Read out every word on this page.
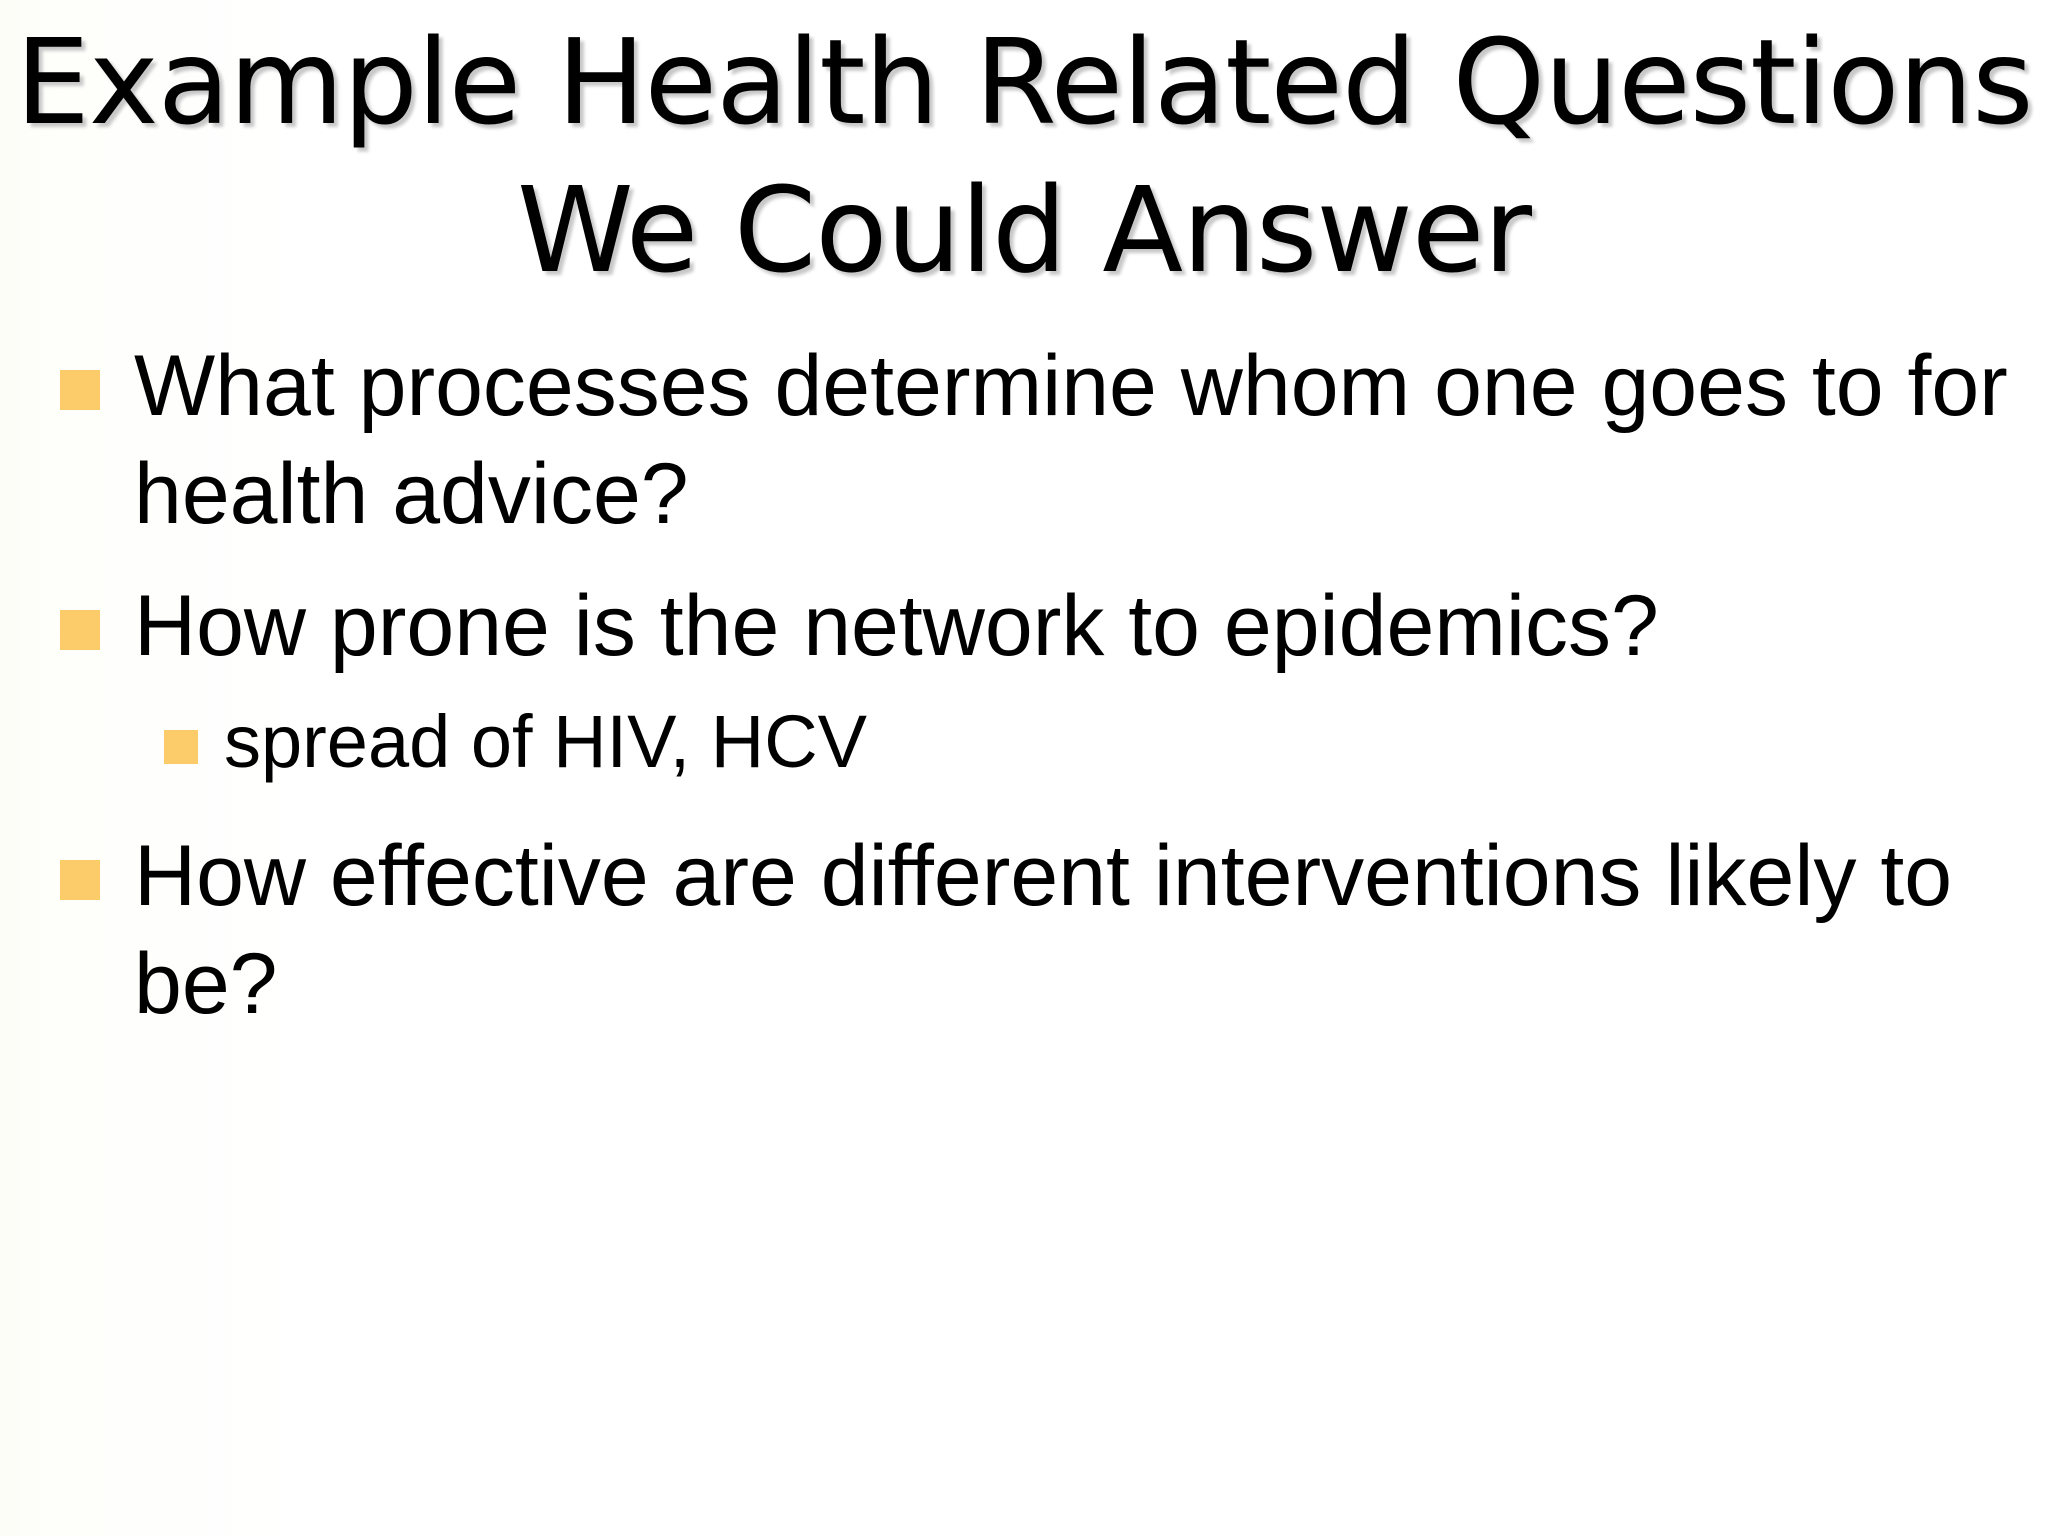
Example Health Related Questions
We Could Answer
What processes determine whom one goes to for health advice?
How prone is the network to epidemics?
spread of HIV, HCV
How effective are different interventions likely to be?
